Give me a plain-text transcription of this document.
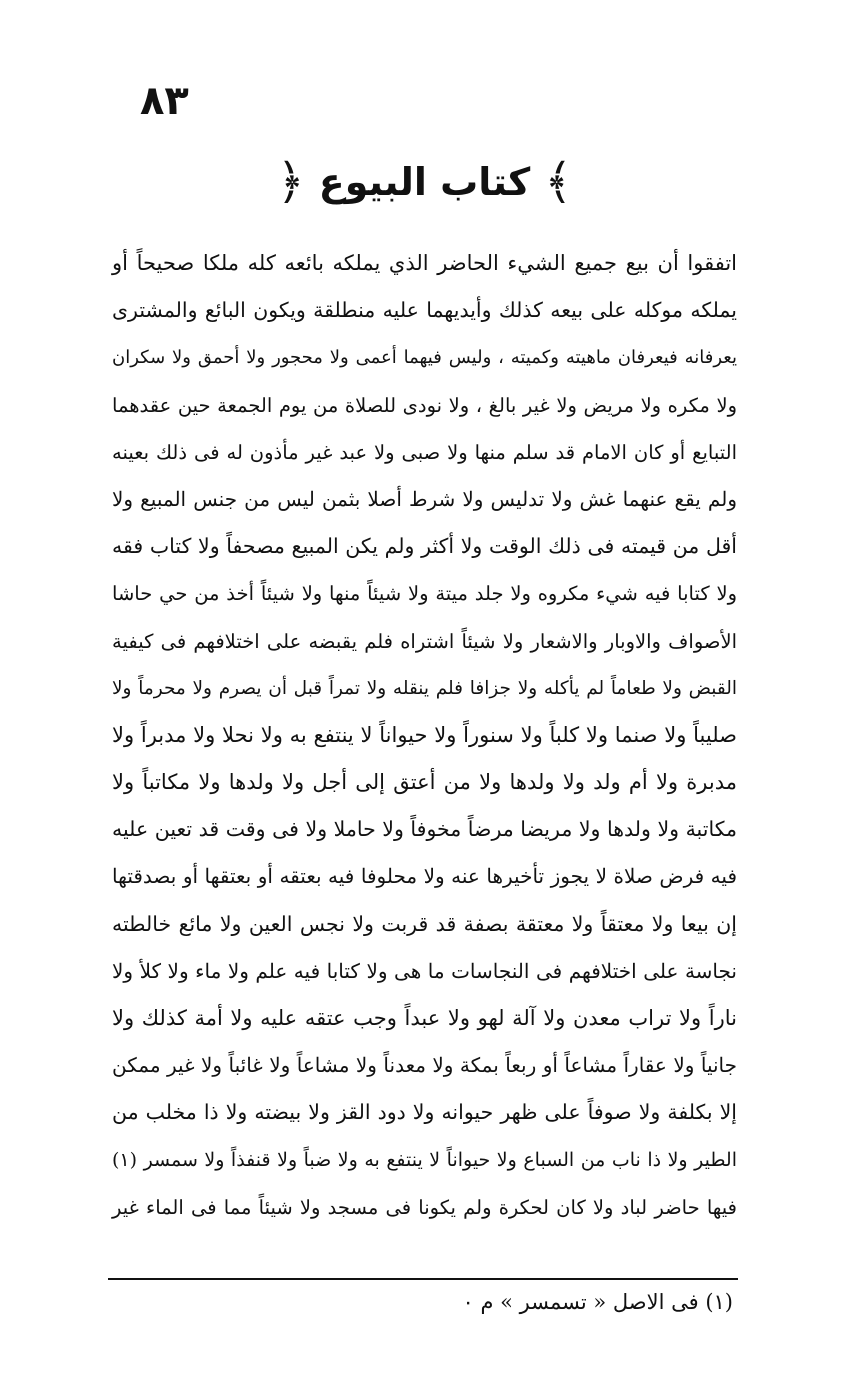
٨٣
﴾
كتاب البيوع
﴿
اتفقوا أن بيع جميع الشيء الحاضر الذي يملكه بائعه كله ملكا صحيحاً أو
يملكه موكله على بيعه كذلك وأيديهما عليه منطلقة ويكون البائع والمشترى
يعرفانه فيعرفان ماهيته وكميته ، وليس فيهما أعمى ولا محجور ولا أحمق ولا سكران
ولا مكره ولا مريض ولا غير بالغ ، ولا نودى للصلاة من يوم الجمعة حين عقدهما
التبايع أو كان الامام قد سلم منها ولا صبى ولا عبد غير مأذون له فى ذلك بعينه
ولم يقع عنهما غش ولا تدليس ولا شرط أصلا بثمن ليس من جنس المبيع ولا
أقل من قيمته فى ذلك الوقت ولا أكثر ولم يكن المبيع مصحفاً ولا كتاب فقه
ولا كتابا فيه شيء مكروه ولا جلد ميتة ولا شيئاً منها ولا شيئاً أخذ من حي حاشا
الأصواف والاوبار والاشعار ولا شيئاً اشتراه فلم يقبضه على اختلافهم فى كيفية
القبض ولا طعاماً لم يأكله ولا جزافا فلم ينقله ولا تمراً قبل أن يصرم ولا محرماً ولا
صليباً ولا صنما ولا كلباً ولا سنوراً ولا حيواناً لا ينتفع به ولا نحلا ولا مدبراً ولا
مدبرة ولا أم ولد ولا ولدها ولا من أعتق إلى أجل ولا ولدها ولا مكاتباً ولا
مكاتبة ولا ولدها ولا مريضا مرضاً مخوفاً ولا حاملا ولا فى وقت قد تعين عليه
فيه فرض صلاة لا يجوز تأخيرها عنه ولا محلوفا فيه بعتقه أو بعتقها أو بصدقتها
إن بيعا ولا معتقاً ولا معتقة بصفة قد قربت ولا نجس العين ولا مائع خالطته
نجاسة على اختلافهم فى النجاسات ما هى ولا كتابا فيه علم ولا ماء ولا كلأ ولا
ناراً ولا تراب معدن ولا آلة لهو ولا عبداً وجب عتقه عليه ولا أمة كذلك ولا
جانياً ولا عقاراً مشاعاً أو ربعاً بمكة ولا معدناً ولا مشاعاً ولا غائباً ولا غير ممكن
إلا بكلفة ولا صوفاً على ظهر حيوانه ولا دود القز ولا بيضته ولا ذا مخلب من
الطير ولا ذا ناب من السباع ولا حيواناً لا ينتفع به ولا ضباً ولا قنفذاً ولا سمسر (١)
فيها حاضر لباد ولا كان لحكرة ولم يكونا فى مسجد ولا شيئاً مما فى الماء غير
(١) فى الاصل « تسمسر » م ٠
